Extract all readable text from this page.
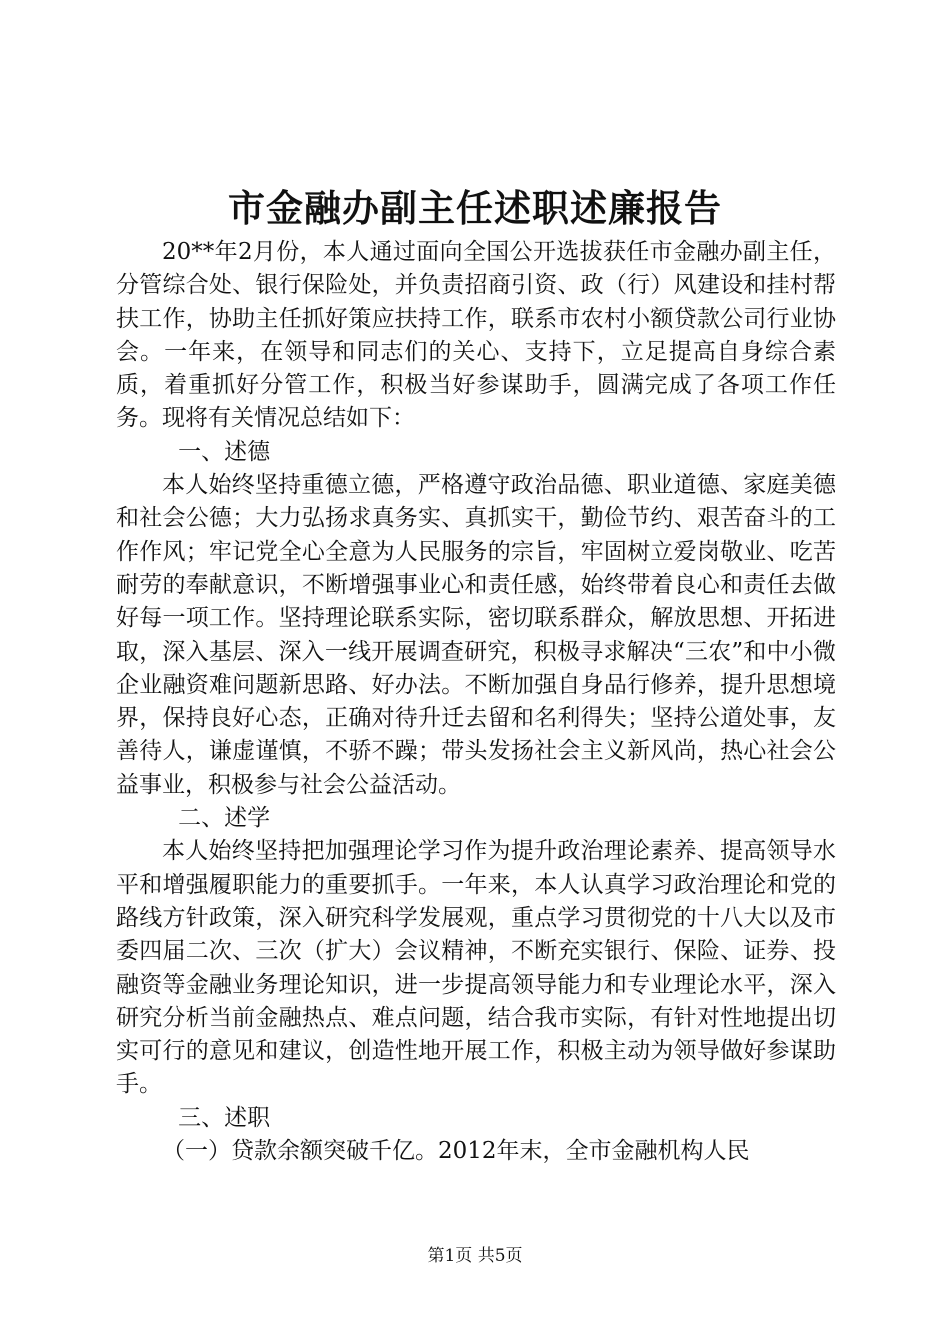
市金融办副主任述职述廉报告

20**年2月份，本人通过面向全国公开选拔获任市金融办副主任，分管综合处、银行保险处，并负责招商引资、政（行）风建设和挂村帮扶工作，协助主任抓好策应扶持工作，联系市农村小额贷款公司行业协会。一年来，在领导和同志们的关心、支持下，立足提高自身综合素质，着重抓好分管工作，积极当好参谋助手，圆满完成了各项工作任务。现将有关情况总结如下：

一、述德

本人始终坚持重德立德，严格遵守政治品德、职业道德、家庭美德和社会公德；大力弘扬求真务实、真抓实干，勤俭节约、艰苦奋斗的工作作风；牢记党全心全意为人民服务的宗旨，牢固树立爱岗敬业、吃苦耐劳的奉献意识，不断增强事业心和责任感，始终带着良心和责任去做好每一项工作。坚持理论联系实际，密切联系群众，解放思想、开拓进取，深入基层、深入一线开展调查研究，积极寻求解决“三农”和中小微企业融资难问题新思路、好办法。不断加强自身品行修养，提升思想境界，保持良好心态，正确对待升迁去留和名利得失；坚持公道处事，友善待人，谦虚谨慎，不骄不躁；带头发扬社会主义新风尚，热心社会公益事业，积极参与社会公益活动。

二、述学

本人始终坚持把加强理论学习作为提升政治理论素养、提高领导水平和增强履职能力的重要抓手。一年来，本人认真学习政治理论和党的路线方针政策，深入研究科学发展观，重点学习贯彻党的十八大以及市委四届二次、三次（扩大）会议精神，不断充实银行、保险、证券、投融资等金融业务理论知识，进一步提高领导能力和专业理论水平，深入研究分析当前金融热点、难点问题，结合我市实际，有针对性地提出切实可行的意见和建议，创造性地开展工作，积极主动为领导做好参谋助手。

三、述职

（一）贷款余额突破千亿。2012年末，全市金融机构人民

第1页 共5页
